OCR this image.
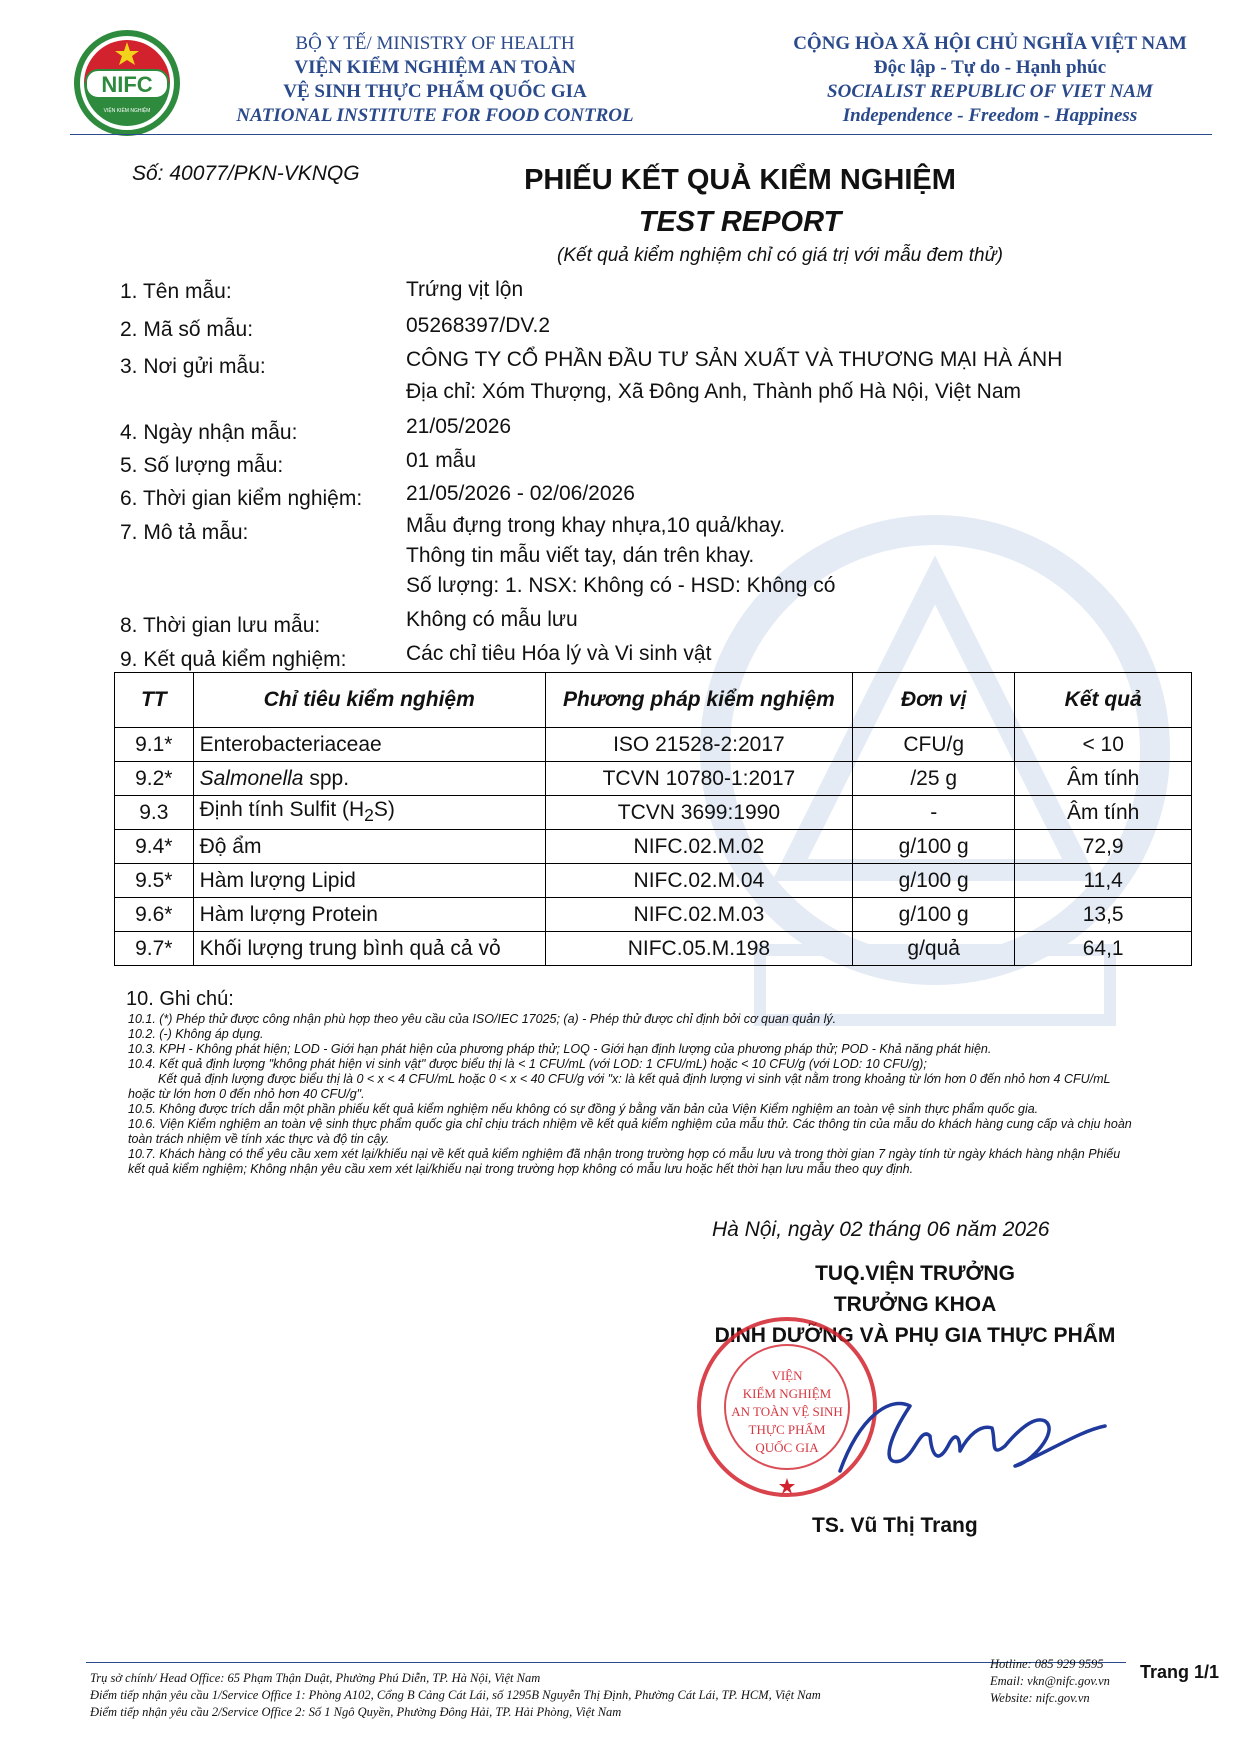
NIFC
VIỆN KIỂM NGHIỆM
BỘ Y TẾ/ MINISTRY OF HEALTH
VIỆN KIỂM NGHIỆM AN TOÀN
VỆ SINH THỰC PHẨM QUỐC GIA
NATIONAL INSTITUTE FOR FOOD CONTROL
CỘNG HÒA XÃ HỘI CHỦ NGHĨA VIỆT NAM
Độc lập - Tự do - Hạnh phúc
SOCIALIST REPUBLIC OF VIET NAM
Independence - Freedom - Happiness
Số: 40077/PKN-VKNQG	PHIẾU KẾT QUẢ KIỂM NGHIỆM
TEST REPORT
(Kết quả kiểm nghiệm chỉ có giá trị với mẫu đem thử)
1. Tên mẫu:	Trứng vịt lộn
2. Mã số mẫu:	05268397/DV.2
3. Nơi gửi mẫu:	CÔNG TY CỔ PHẦN ĐẦU TƯ SẢN XUẤT VÀ THƯƠNG MẠI HÀ ÁNH
Địa chỉ: Xóm Thượng, Xã Đông Anh, Thành phố Hà Nội, Việt Nam
4. Ngày nhận mẫu:	21/05/2026
5. Số lượng mẫu:	01 mẫu
6. Thời gian kiểm nghiệm: 21/05/2026 - 02/06/2026
7. Mô tả mẫu:	Mẫu đựng trong khay nhựa,10 quả/khay.
Thông tin mẫu viết tay, dán trên khay.
Số lượng: 1. NSX: Không có - HSD: Không có
8. Thời gian lưu mẫu:	Không có mẫu lưu
9. Kết quả kiểm nghiệm:	Các chỉ tiêu Hóa lý và Vi sinh vật
TT	Chỉ tiêu kiểm nghiệm	Phương pháp kiểm nghiệm	Đơn vị	Kết quả
9.1*	Enterobacteriaceae	ISO 21528-2:2017	CFU/g	< 10
9.2*	Salmonella spp.	TCVN 10780-1:2017	/25 g	Âm tính
9.3	Định tính Sulfit $(H_2S)$	TCVN 3699:1990	-	Âm tính
9.4*	Độ ẩm	NIFC.02.M.02	g/100 g	72,9
9.5*	Hàm lượng Lipid	NIFC.02.M.04	g/100 g	11,4
9.6*	Hàm lượng Protein	NIFC.02.M.03	g/100 g	13,5
9.7*	Khối lượng trung bình quả cả vỏ	NIFC.05.M.198	g/quả	64,1
10. Ghi chú:

10.1. (*) Phép thử được công nhận phù hợp theo yêu cầu của ISO/IEC 17025; (a) - Phép thử được chỉ định bởi cơ quan quản lý.

10.2. (-) Không áp dụng.

10.3. KPH - Không phát hiện; LOD - Giới hạn phát hiện của phương pháp thử; LOQ - Giới hạn định lượng của phương pháp thử; POD - Khả năng phát hiện.

10.4. Kết quả định lượng "không phát hiện vi sinh vật" được biểu thị là < 1 CFU/mL (với LOD: 1 CFU/mL) hoặc < 10 CFU/g (với LOD: 10 CFU/g);

Kết quả định lượng được biểu thị là 0 < x < 4 CFU/mL hoặc 0 < x < 40 CFU/g với "x: là kết quả định lượng vi sinh vật nằm trong khoảng từ lớn hơn 0 đến nhỏ hơn 4 CFU/mL hoặc từ lớn hơn 0 đến nhỏ hơn 40 CFU/g".

10.5. Không được trích dẫn một phần phiếu kết quả kiểm nghiệm nếu không có sự đồng ý bằng văn bản của Viện Kiểm nghiệm an toàn vệ sinh thực phẩm quốc gia.

10.6. Viện Kiểm nghiệm an toàn vệ sinh thực phẩm quốc gia chỉ chịu trách nhiệm về kết quả kiểm nghiệm của mẫu thử. Các thông tin của mẫu do khách hàng cung cấp và chịu hoàn toàn trách nhiệm về tính xác thực và độ tin cậy.

10.7. Khách hàng có thể yêu cầu xem xét lại/khiếu nại về kết quả kiểm nghiệm đã nhận trong trường hợp có mẫu lưu và trong thời gian 7 ngày tính từ ngày khách hàng nhận Phiếu kết quả kiểm nghiệm; Không nhận yêu cầu xem xét lại/khiếu nại trong trường hợp không có mẫu lưu hoặc hết thời hạn lưu mẫu theo quy định.

Hà Nội, ngày 02 tháng 06 năm 2026
TUQ.VIỆN TRƯỞNG
TRƯỞNG KHOA
DINH DƯỠNG VÀ PHỤ GIA THỰC PHẨM
VIỆN
KIỂM NGHIỆM
AN TOÀN VỆ SINH
THỰC PHẨM
QUỐC GIA
TS. Vũ Thị Trang

Trụ sở chính/ Head Office: 65 Phạm Thận Duật, Phường Phú Diễn, TP. Hà Nội, Việt Nam

Điểm tiếp nhận yêu cầu 1/Service Office 1: Phòng A102, Cổng B Cảng Cát Lái, số 1295B Nguyễn Thị Định, Phường Cát Lái, TP. HCM, Việt Nam

Điểm tiếp nhận yêu cầu 2/Service Office 2: Số 1 Ngô Quyền, Phường Đông Hải, TP. Hải Phòng, Việt Nam

Hotline: 085 929 9595

Email: vkn@nifc.gov.vn

Website: nifc.gov.vn

Trang 1/1
